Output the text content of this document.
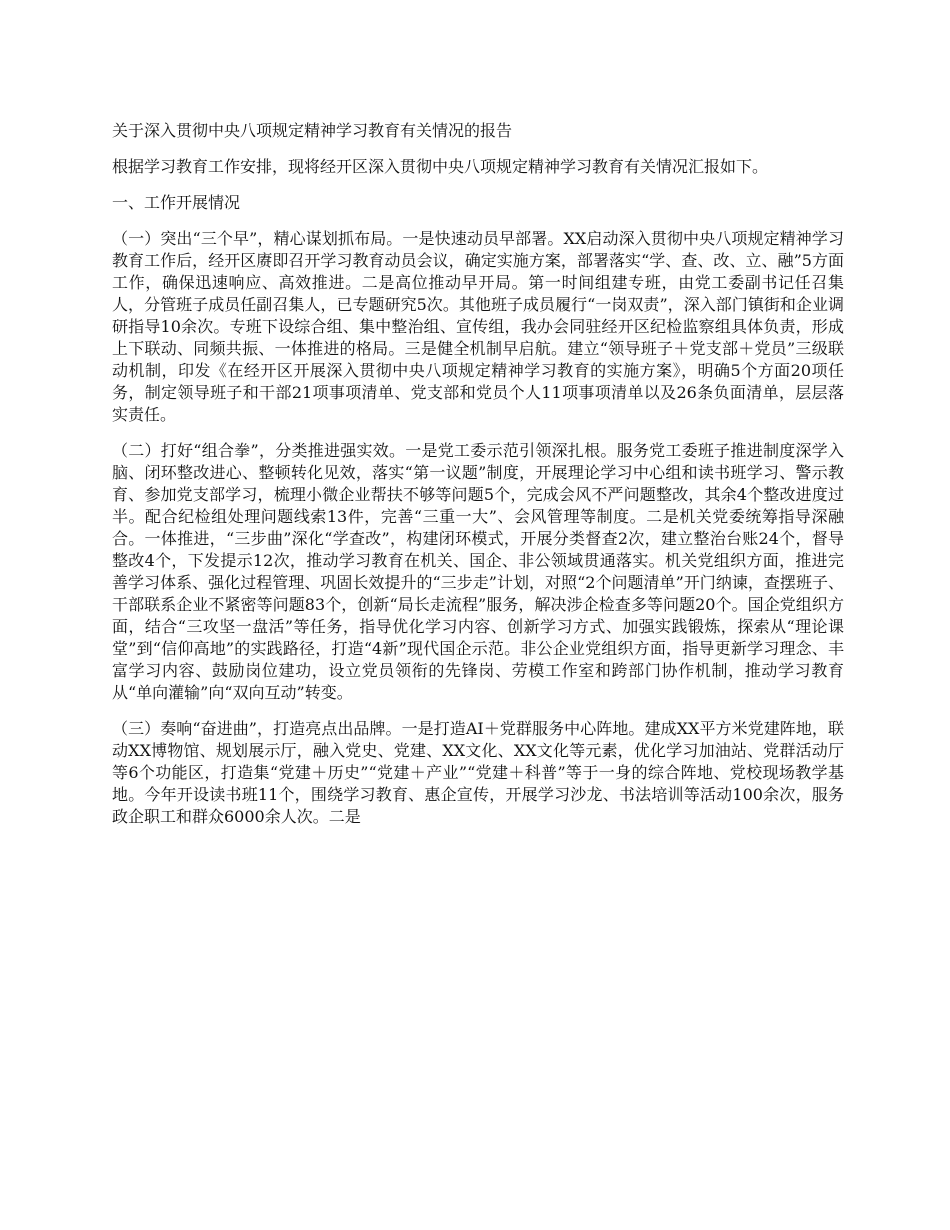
关于深入贯彻中央八项规定精神学习教育有关情况的报告
根据学习教育工作安排，现将经开区深入贯彻中央八项规定精神学习教育有关情况汇报如下。
一、工作开展情况
（一）突出“三个早”，精心谋划抓布局。一是快速动员早部署。XX启动深入贯彻中央八项规定精神学习教育工作后，经开区赓即召开学习教育动员会议，确定实施方案，部署落实“学、查、改、立、融”5方面工作，确保迅速响应、高效推进。二是高位推动早开局。第一时间组建专班，由党工委副书记任召集人，分管班子成员任副召集人，已专题研究5次。其他班子成员履行“一岗双责”，深入部门镇街和企业调研指导10余次。专班下设综合组、集中整治组、宣传组，我办会同驻经开区纪检监察组具体负责，形成上下联动、同频共振、一体推进的格局。三是健全机制早启航。建立“领导班子＋党支部＋党员”三级联动机制，印发《在经开区开展深入贯彻中央八项规定精神学习教育的实施方案》，明确5个方面20项任务，制定领导班子和干部21项事项清单、党支部和党员个人11项事项清单以及26条负面清单，层层落实责任。
（二）打好“组合拳”，分类推进强实效。一是党工委示范引领深扎根。服务党工委班子推进制度深学入脑、闭环整改进心、整顿转化见效，落实“第一议题”制度，开展理论学习中心组和读书班学习、警示教育、参加党支部学习，梳理小微企业帮扶不够等问题5个，完成会风不严问题整改，其余4个整改进度过半。配合纪检组处理问题线索13件，完善“三重一大”、会风管理等制度。二是机关党委统筹指导深融合。一体推进，“三步曲”深化“学查改”，构建闭环模式，开展分类督查2次，建立整治台账24个，督导整改4个，下发提示12次，推动学习教育在机关、国企、非公领域贯通落实。机关党组织方面，推进完善学习体系、强化过程管理、巩固长效提升的“三步走”计划，对照“2个问题清单”开门纳谏，查摆班子、干部联系企业不紧密等问题83个，创新“局长走流程”服务，解决涉企检查多等问题20个。国企党组织方面，结合“三攻坚一盘活”等任务，指导优化学习内容、创新学习方式、加强实践锻炼，探索从“理论课堂”到“信仰高地”的实践路径，打造“4新”现代国企示范。非公企业党组织方面，指导更新学习理念、丰富学习内容、鼓励岗位建功，设立党员领衔的先锋岗、劳模工作室和跨部门协作机制，推动学习教育从“单向灌输”向“双向互动”转变。
（三）奏响“奋进曲”，打造亮点出品牌。一是打造AI＋党群服务中心阵地。建成XX平方米党建阵地，联动XX博物馆、规划展示厅，融入党史、党建、XX文化、XX文化等元素，优化学习加油站、党群活动厅等6个功能区，打造集“党建＋历史”“党建＋产业”“党建＋科普”等于一身的综合阵地、党校现场教学基地。今年开设读书班11个，围绕学习教育、惠企宣传，开展学习沙龙、书法培训等活动100余次，服务政企职工和群众6000余人次。二是
